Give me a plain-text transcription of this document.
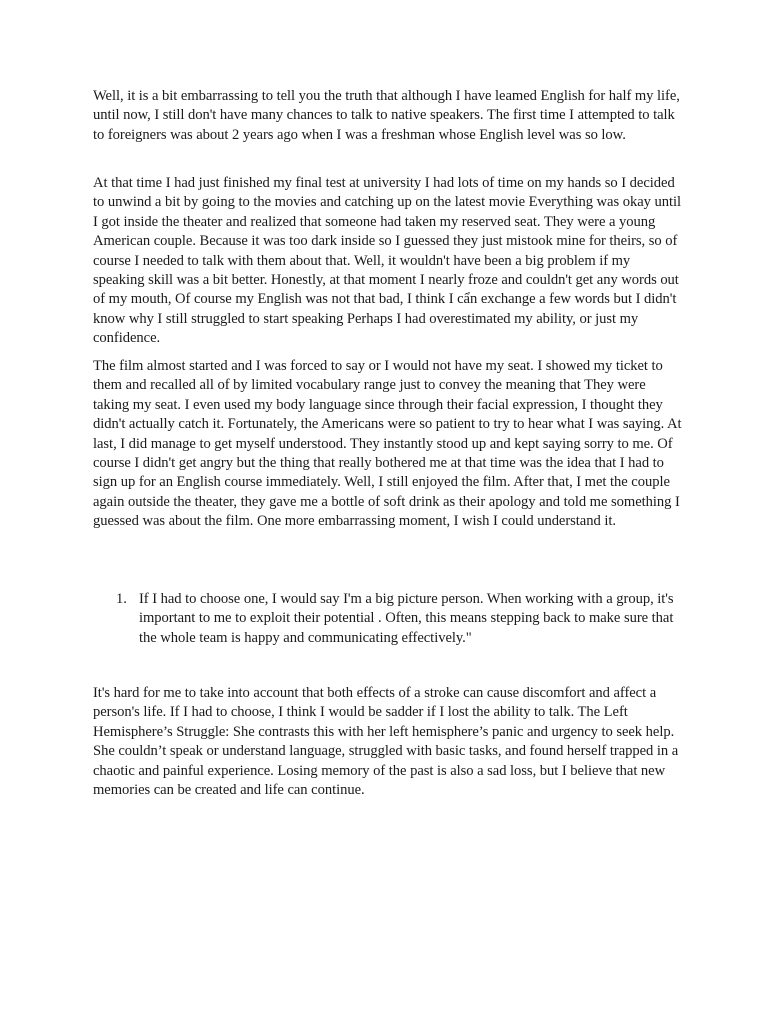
Well, it is a bit embarrassing to tell you the truth that although I have leamed English for half my life, until now, I still don't have many chances to talk to native speakers. The first time I attempted to talk to foreigners was about 2 years ago when I was a freshman whose English level was so low.

At that time I had just finished my final test at university I had lots of time on my hands so I decided to unwind a bit by going to the movies and catching up on the latest movie Everything was okay until I got inside the theater and realized that someone had taken my reserved seat. They were a young American couple. Because it was too dark inside so I guessed they just mistook mine for theirs, so of course I needed to talk with them about that. Well, it wouldn't have been a big problem if my speaking skill was a bit better. Honestly, at that moment I nearly froze and couldn't get any words out of my mouth, Of course my English was not that bad, I think I cẩn exchange a few words but I didn't know why I still struggled to start speaking Perhaps I had overestimated my ability, or just my confidence.

The film almost started and I was forced to say or I would not have my seat. I showed my ticket to them and recalled all of by limited vocabulary range just to convey the meaning that They were taking my seat. I even used my body language since through their facial expression, I thought they didn't actually catch it. Fortunately, the Americans were so patient to try to hear what I was saying. At last, I did manage to get myself understood. They instantly stood up and kept saying sorry to me. Of course I didn't get angry but the thing that really bothered me at that time was the idea that I had to sign up for an English course immediately. Well, I still enjoyed the film. After that, I met the couple again outside the theater, they gave me a bottle of soft drink as their apology and told me something I guessed was about the film. One more embarrassing moment, I wish I could understand it.

1. If I had to choose one, I would say I'm a big picture person. When working with a group, it's important to me to exploit their potential . Often, this means stepping back to make sure that the whole team is happy and communicating effectively."

It's hard for me to take into account that both effects of a stroke can cause discomfort and affect a person's life. If I had to choose, I think I would be sadder if I lost the ability to talk. The Left Hemisphere’s Struggle: She contrasts this with her left hemisphere’s panic and urgency to seek help. She couldn’t speak or understand language, struggled with basic tasks, and found herself trapped in a chaotic and painful experience. Losing memory of the past is also a sad loss, but I believe that new memories can be created and life can continue.
